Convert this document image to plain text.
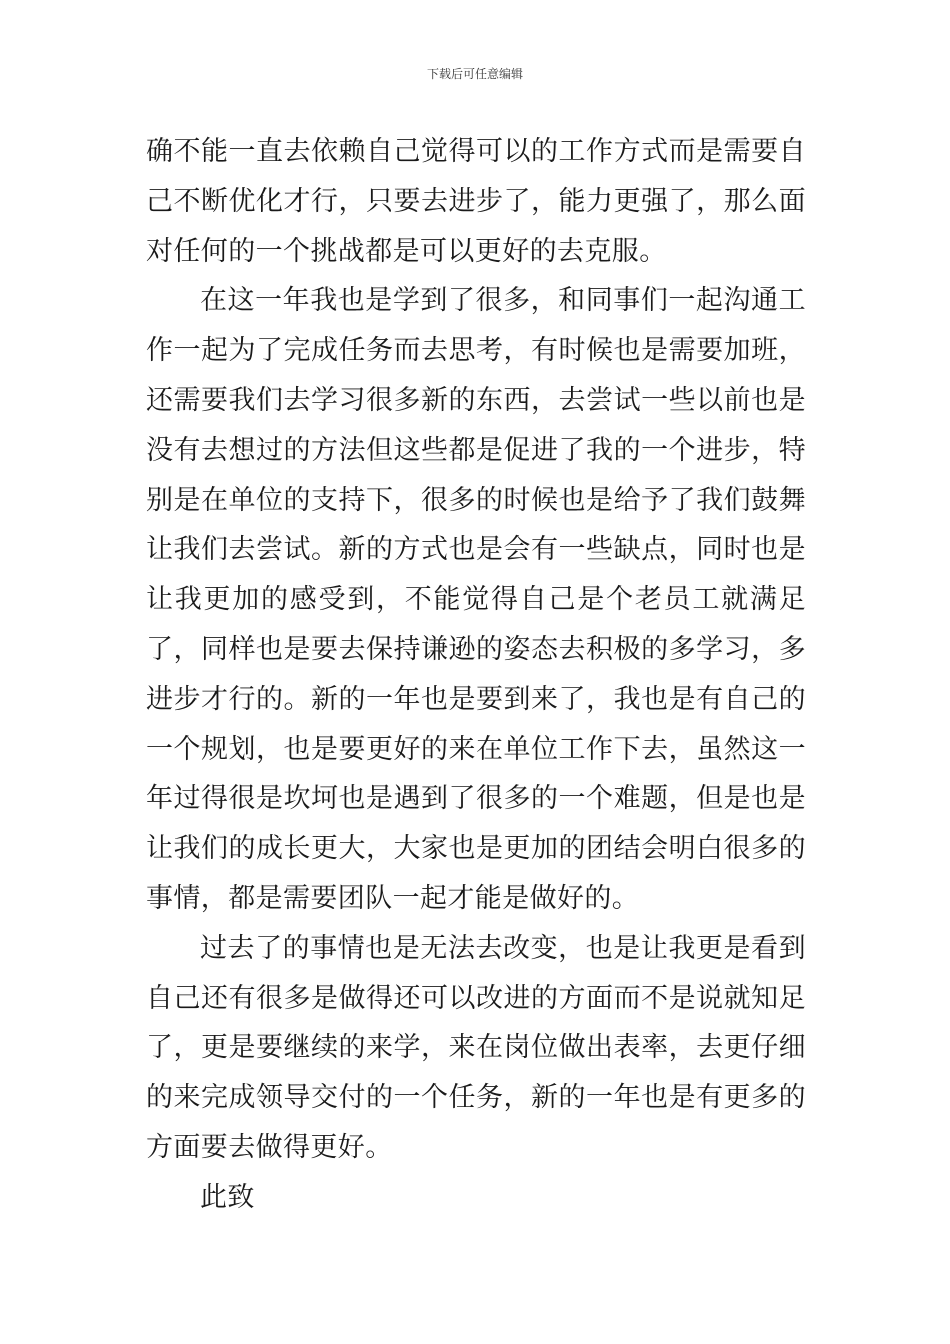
下载后可任意编辑

确不能一直去依赖自己觉得可以的工作方式而是需要自己不断优化才行，只要去进步了，能力更强了，那么面对任何的一个挑战都是可以更好的去克服。

在这一年我也是学到了很多，和同事们一起沟通工作一起为了完成任务而去思考，有时候也是需要加班，还需要我们去学习很多新的东西，去尝试一些以前也是没有去想过的方法但这些都是促进了我的一个进步，特别是在单位的支持下，很多的时候也是给予了我们鼓舞让我们去尝试。新的方式也是会有一些缺点，同时也是让我更加的感受到，不能觉得自己是个老员工就满足了，同样也是要去保持谦逊的姿态去积极的多学习，多进步才行的。新的一年也是要到来了，我也是有自己的一个规划，也是要更好的来在单位工作下去，虽然这一年过得很是坎坷也是遇到了很多的一个难题，但是也是让我们的成长更大，大家也是更加的团结会明白很多的事情，都是需要团队一起才能是做好的。

过去了的事情也是无法去改变，也是让我更是看到自己还有很多是做得还可以改进的方面而不是说就知足了，更是要继续的来学，来在岗位做出表率，去更仔细的来完成领导交付的一个任务，新的一年也是有更多的方面要去做得更好。

此致
